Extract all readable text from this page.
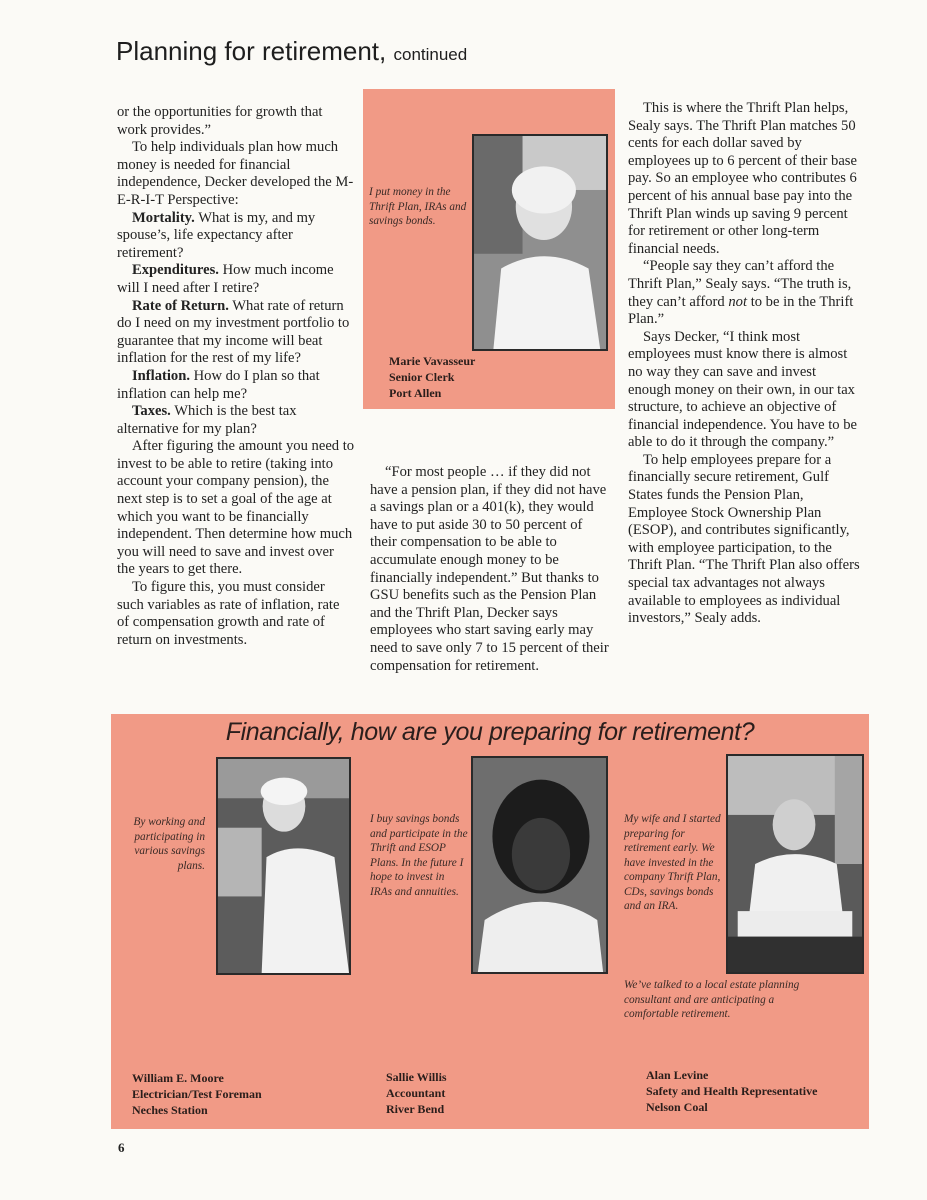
Planning for retirement, continued

or the opportunities for growth that work provides.”

To help individuals plan how much money is needed for financial independence, Decker developed the M-E-R-I-T Perspective:

Mortality. What is my, and my spouse’s, life expectancy after retirement?

Expenditures. How much income will I need after I retire?

Rate of Return. What rate of return do I need on my investment portfolio to guarantee that my income will beat inflation for the rest of my life?

Inflation. How do I plan so that inflation can help me?

Taxes. Which is the best tax alternative for my plan?

After figuring the amount you need to invest to be able to retire (taking into account your company pension), the next step is to set a goal of the age at which you want to be financially independent. Then determine how much you will need to save and invest over the years to get there.

To figure this, you must consider such variables as rate of inflation, rate of compensation growth and rate of return on investments.

I put money in the Thrift Plan, IRAs and savings bonds.
Marie Vavasseur
Senior Clerk
Port Allen

“For most people … if they did not have a pension plan, if they did not have a savings plan or a 401(k), they would have to put aside 30 to 50 percent of their compensation to be able to accumulate enough money to be financially independent.” But thanks to GSU benefits such as the Pension Plan and the Thrift Plan, Decker says employees who start saving early may need to save only 7 to 15 percent of their compensation for retirement.

This is where the Thrift Plan helps, Sealy says. The Thrift Plan matches 50 cents for each dollar saved by employees up to 6 percent of their base pay. So an employee who contributes 6 percent of his annual base pay into the Thrift Plan winds up saving 9 percent for retirement or other long-term financial needs.

“People say they can’t afford the Thrift Plan,” Sealy says. “The truth is, they can’t afford not to be in the Thrift Plan.”

Says Decker, “I think most employees must know there is almost no way they can save and invest enough money on their own, in our tax structure, to achieve an objective of financial independence. You have to be able to do it through the company.”

To help employees prepare for a financially secure retirement, Gulf States funds the Pension Plan, Employee Stock Ownership Plan (ESOP), and contributes significantly, with employee participation, to the Thrift Plan. “The Thrift Plan also offers special tax advantages not always available to employees as individual investors,” Sealy adds.

Financially, how are you preparing for retirement?
By working and participating in various savings plans.
William E. Moore
Electrician/Test Foreman
Neches Station
I buy savings bonds and participate in the Thrift and ESOP Plans. In the future I hope to invest in IRAs and annuities.
Sallie Willis
Accountant
River Bend
My wife and I started preparing for retirement early. We have invested in the company Thrift Plan, CDs, savings bonds and an IRA.
We’ve talked to a local estate planning consultant and are anticipating a comfortable retirement.
Alan Levine
Safety and Health Representative
Nelson Coal
6
